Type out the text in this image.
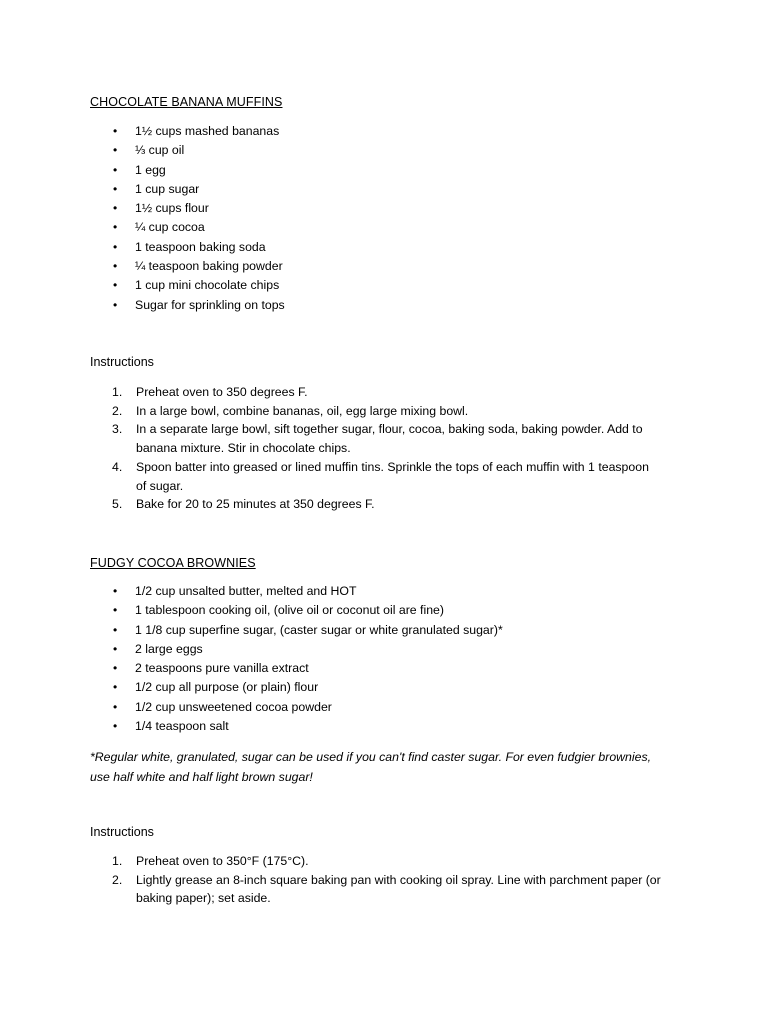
CHOCOLATE BANANA MUFFINS
• 1½ cups mashed bananas
• ⅓ cup oil
• 1 egg
• 1 cup sugar
• 1½ cups flour
• ¼ cup cocoa
• 1 teaspoon baking soda
• ¼ teaspoon baking powder
• 1 cup mini chocolate chips
• Sugar for sprinkling on tops
Instructions
1. Preheat oven to 350 degrees F.
2. In a large bowl, combine bananas, oil, egg large mixing bowl.
3. In a separate large bowl, sift together sugar, flour, cocoa, baking soda, baking powder. Add to
banana mixture. Stir in chocolate chips.
4. Spoon batter into greased or lined muffin tins. Sprinkle the tops of each muffin with 1 teaspoon
of sugar.
5. Bake for 20 to 25 minutes at 350 degrees F.
FUDGY COCOA BROWNIES
• 1/2 cup unsalted butter, melted and HOT
• 1 tablespoon cooking oil, (olive oil or coconut oil are fine)
• 1 1/8 cup superfine sugar, (caster sugar or white granulated sugar)*
• 2 large eggs
• 2 teaspoons pure vanilla extract
• 1/2 cup all purpose (or plain) flour
• 1/2 cup unsweetened cocoa powder
• 1/4 teaspoon salt
*Regular white, granulated, sugar can be used if you can't find caster sugar. For even fudgier brownies,
use half white and half light brown sugar!
Instructions
1. Preheat oven to 350°F (175°C).
2. Lightly grease an 8-inch square baking pan with cooking oil spray. Line with parchment paper (or
baking paper); set aside.
